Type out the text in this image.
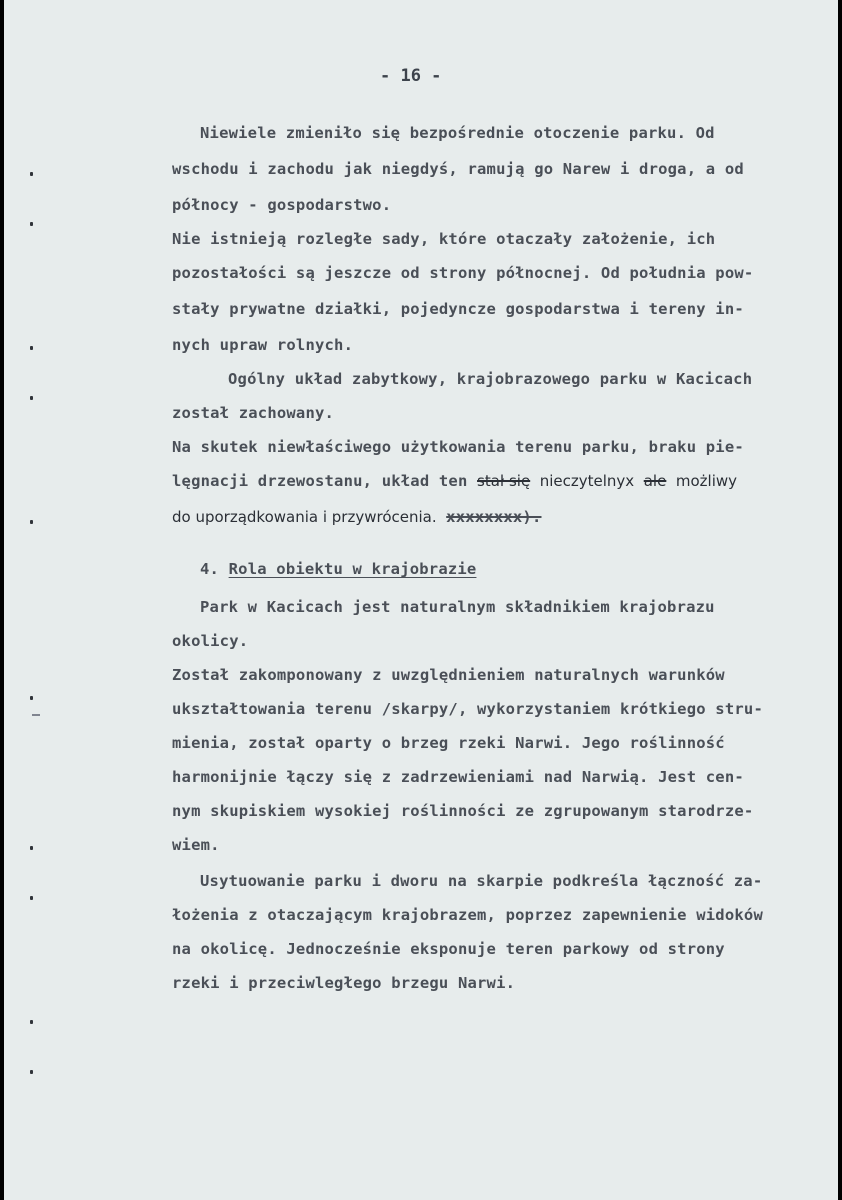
- 16 -
Niewiele zmieniło się bezpośrednie otoczenie parku. Od
wschodu i zachodu jak niegdyś, ramują go Narew i droga, a od
północy - gospodarstwo.
Nie istnieją rozległe sady, które otaczały założenie, ich
pozostałości są jeszcze od strony północnej. Od południa pow-
stały prywatne działki, pojedyncze gospodarstwa i tereny in-
nych upraw rolnych.
Ogólny układ zabytkowy, krajobrazowego parku w Kacicach
został zachowany.
Na skutek niewłaściwego użytkowania terenu parku, braku pie-
lęgnacji drzewostanu, układ ten stał się nieczytelnyx ale możliwy
do uporządkowania i przywrócenia. xxxxxxxx).
4. Rola obiektu w krajobrazie
Park w Kacicach jest naturalnym składnikiem krajobrazu
okolicy.
Został zakomponowany z uwzględnieniem naturalnych warunków
ukształtowania terenu /skarpy/, wykorzystaniem krótkiego stru-
mienia, został oparty o brzeg rzeki Narwi. Jego roślinność
harmonijnie łączy się z zadrzewieniami nad Narwią. Jest cen-
nym skupiskiem wysokiej roślinności ze zgrupowanym starodrze-
wiem.
Usytuowanie parku i dworu na skarpie podkreśla łączność za-
łożenia z otaczającym krajobrazem, poprzez zapewnienie widoków
na okolicę. Jednocześnie eksponuje teren parkowy od strony
rzeki i przeciwległego brzegu Narwi.
